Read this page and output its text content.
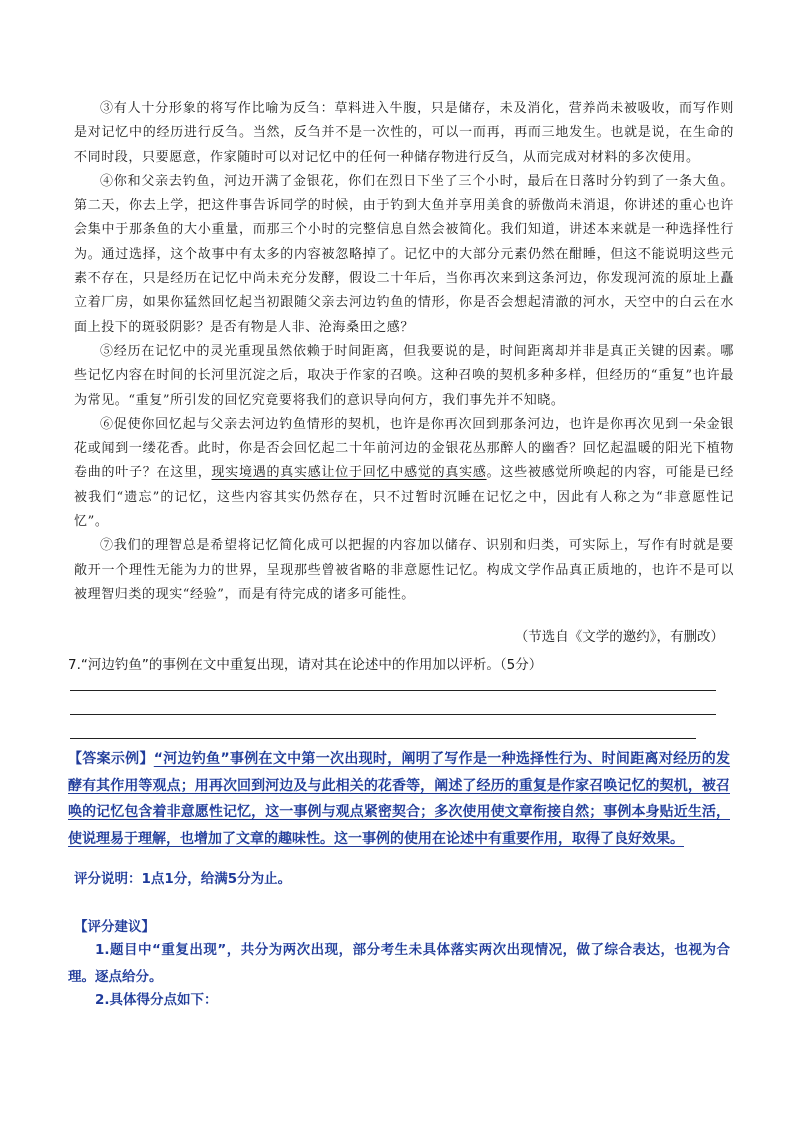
③有人十分形象的将写作比喻为反刍：草料进入牛腹，只是储存，未及消化，营养尚未被吸收，而写作则是对记忆中的经历进行反刍。当然，反刍并不是一次性的，可以一而再，再而三地发生。也就是说，在生命的不同时段，只要愿意，作家随时可以对记忆中的任何一种储存物进行反刍，从而完成对材料的多次使用。

④你和父亲去钓鱼，河边开满了金银花，你们在烈日下坐了三个小时，最后在日落时分钓到了一条大鱼。第二天，你去上学，把这件事告诉同学的时候，由于钓到大鱼并享用美食的骄傲尚未消退，你讲述的重心也许会集中于那条鱼的大小重量，而那三个小时的完整信息自然会被简化。我们知道，讲述本来就是一种选择性行为。通过选择，这个故事中有太多的内容被忽略掉了。记忆中的大部分元素仍然在酣睡，但这不能说明这些元素不存在，只是经历在记忆中尚未充分发酵，假设二十年后，当你再次来到这条河边，你发现河流的原址上矗立着厂房，如果你猛然回忆起当初跟随父亲去河边钓鱼的情形，你是否会想起清澈的河水，天空中的白云在水面上投下的斑驳阴影？是否有物是人非、沧海桑田之感？

⑤经历在记忆中的灵光重现虽然依赖于时间距离，但我要说的是，时间距离却并非是真正关键的因素。哪些记忆内容在时间的长河里沉淀之后，取决于作家的召唤。这种召唤的契机多种多样，但经历的“重复”也许最为常见。“重复”所引发的回忆究竟要将我们的意识导向何方，我们事先并不知晓。

⑥促使你回忆起与父亲去河边钓鱼情形的契机，也许是你再次回到那条河边，也许是你再次见到一朵金银花或闻到一缕花香。此时，你是否会回忆起二十年前河边的金银花丛那醉人的幽香？回忆起温暖的阳光下植物卷曲的叶子？在这里，现实境遇的真实感让位于回忆中感觉的真实感。这些被感觉所唤起的内容，可能是已经被我们“遗忘”的记忆，这些内容其实仍然存在，只不过暂时沉睡在记忆之中，因此有人称之为“非意愿性记忆”。

⑦我们的理智总是希望将记忆简化成可以把握的内容加以储存、识别和归类，可实际上，写作有时就是要敞开一个理性无能为力的世界，呈现那些曾被省略的非意愿性记忆。构成文学作品真正质地的，也许不是可以被理智归类的现实“经验”，而是有待完成的诸多可能性。

（节选自《文学的邀约》，有删改）
7.“河边钓鱼”的事例在文中重复出现，请对其在论述中的作用加以评析。（5分）
【答案示例】“河边钓鱼”事例在文中第一次出现时，阐明了写作是一种选择性行为、时间距离对经历的发酵有其作用等观点；用再次回到河边及与此相关的花香等，阐述了经历的重复是作家召唤记忆的契机，被召唤的记忆包含着非意愿性记忆，这一事例与观点紧密契合；多次使用使文章衔接自然；事例本身贴近生活，使说理易于理解，也增加了文章的趣味性。这一事例的使用在论述中有重要作用，取得了良好效果。
评分说明：1点1分，给满5分为止。
【评分建议】
1.题目中“重复出现”，共分为两次出现，部分考生未具体落实两次出现情况，做了综合表达，也视为合理。逐点给分。
2.具体得分点如下：
